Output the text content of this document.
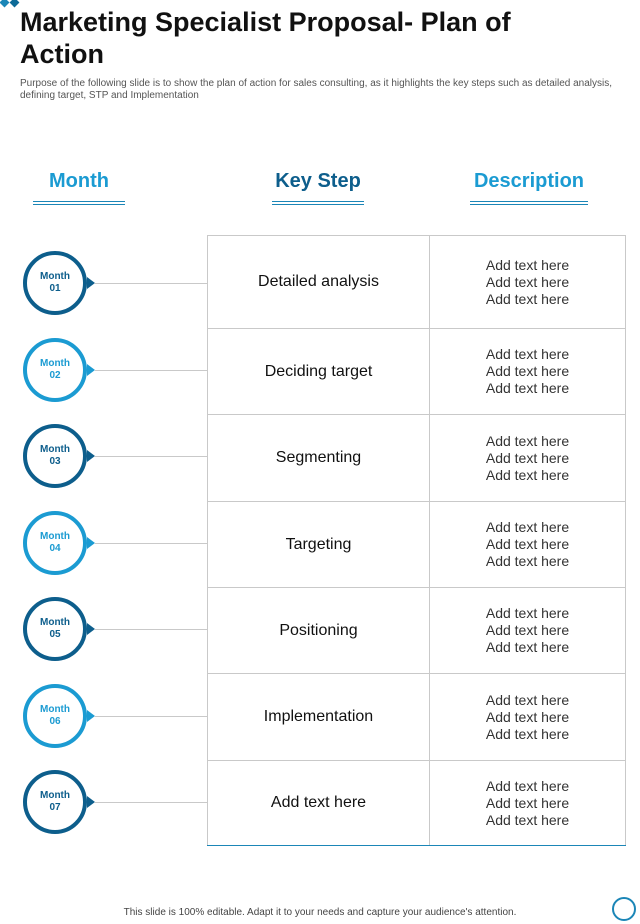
Marketing Specialist Proposal- Plan of Action

Purpose of the following slide is to show the plan of action for sales consulting, as it highlights the key steps such as detailed analysis, defining target, STP and Implementation

Month	Key Step	Description
Month
01
Month
02
Month
03
Month
04
Month
05
Month
06
Month
07
Detailed analysis
Add text here
Add text here
Add text here
Deciding target
Add text here
Add text here
Add text here
Segmenting
Add text here
Add text here
Add text here
Targeting
Add text here
Add text here
Add text here
Positioning
Add text here
Add text here
Add text here
Implementation
Add text here
Add text here
Add text here
Add text here
Add text here
Add text here
Add text here
This slide is 100% editable. Adapt it to your needs and capture your audience's attention.
